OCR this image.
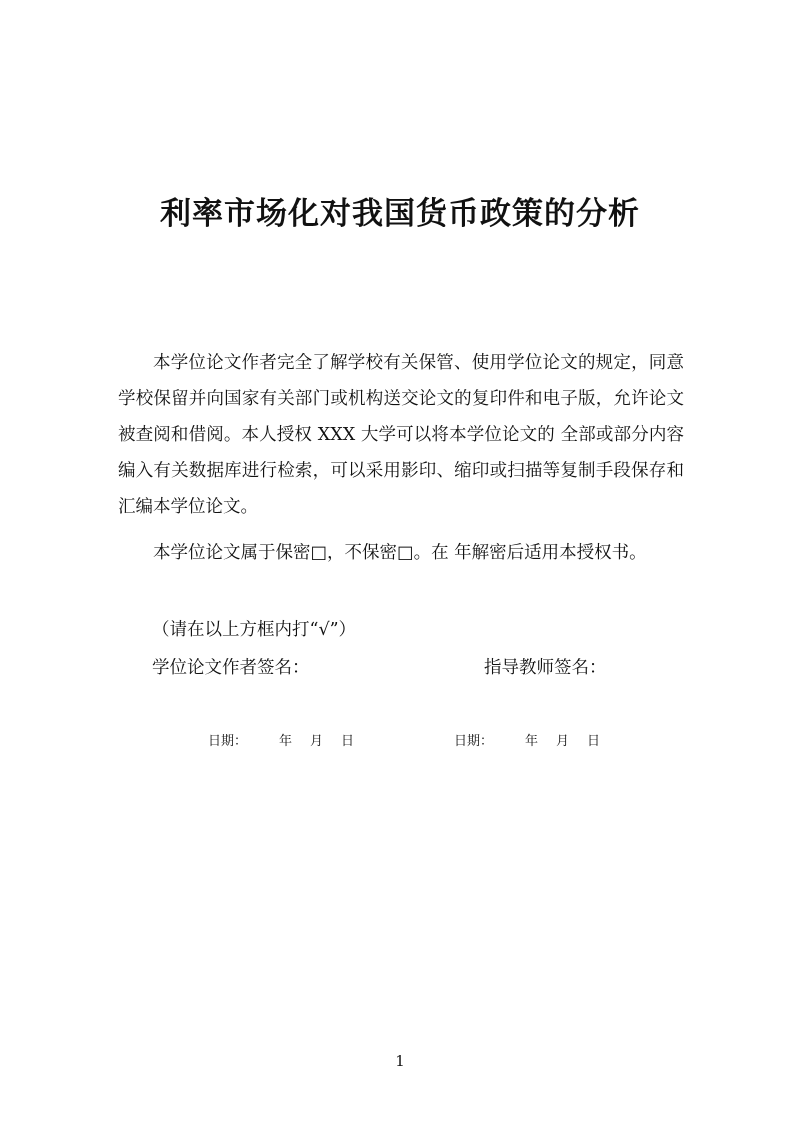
利率市场化对我国货币政策的分析
本学位论文作者完全了解学校有关保管、使用学位论文的规定，同意学校保留并向国家有关部门或机构送交论文的复印件和电子版，允许论文被查阅和借阅。本人授权 XXX 大学可以将本学位论文的 全部或部分内容编入有关数据库进行检索，可以采用影印、缩印或扫描等复制手段保存和汇编本学位论文。
本学位论文属于保密□，不保密□。在 年解密后适用本授权书。
（请在以上方框内打“√”）
学位论文作者签名：	指导教师签名：
日期： 年 月 日	日期： 年 月 日
1
